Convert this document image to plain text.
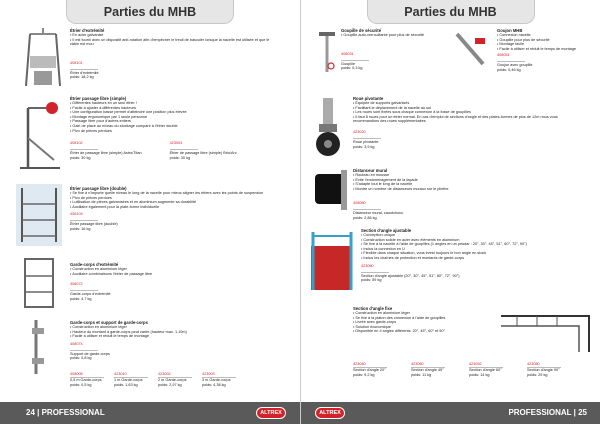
Parties du MHB
Étrier d'extrémité
• En acier galvanisé
• Il est fourni avec un dispositif anti-rotation afin d'empêcher le treuil de basculer lorsque la nacelle est utilisée et que le câble est mou
408101
Étrier d'extrémité
poids: 18,2 kg
Étrier passage libre (simple)
• Différentes hauteurs en un seul étrier !
• Facile à ajuster à différentes hauteurs
• Une configuration basse permet d'atteindre une position plus élevée
• Montage ergonomique par 1 seule personne
• Passage libre pour d'autres entiers
• Gain de place au niveau du stockage comparé à l'étrier double
• Pivo de pièces perdues
408102
Étrier de passage libre (simple) Astro/Titan
poids: 30 kg
423003
Étrier de passage libre (simple) Brio/Arc
poids: 30 kg
Étrier passage libre (double)
• Se fixe à n'importe quelle niveau le long de la nacelle pour mieux aligner les étriers avec les points de suspension
• Pivo de pièces perdues
• Lutilisation de pièces galvanisées et en aluminium augmente sa durabilité
• Auxiliaire également pour la plate-forme individuelle
408103
Étrier passage libre (double)
poids: 16 kg
Garde-corps d'extrémité
• Construction en aluminium léger
• Auxiliaire combinaisons l'étrier de passage libre
408072
Garde-corps d'extrémité
poids: 4,7 kg
Garde-corps et support de garde-corps
• Construction en aluminium léger
• Hauteur du montant à garde-corps peut varier (hauteur max. 1,10m)
• Facile à utiliser et réduit le temps de montage
408074
Support de garde-corps
poids: 0,8 kg
408005
0,5 m Garde-corps
poids: 0,5 kg
423010
1 m Garde-corps
poids: 1,63 kg
423002
2 m Garde-corps
poids: 2,97 kg
423003
3 m Garde-corps
poids: 4,38 kg
24 | PROFESSIONAL	ALTREX
Parties du MHB
Goupille de sécurité
• Goupille auto-verrouillante pour plus de sécurité
408031
Goupille
poids: 0,3 kg
Goujon MHB
• Connexion nacelle
• Goupille pour plus de sécurité
• Montage facile
• Facile à utiliser et réduit le temps de montage
408051
Goujon avec goupille
poids: 0,46 kg
Roue pivotante
• Équipée de supports galvanisés
• Facilitant le déplacement de la nacelle au sol
• Les roues sont fixées sous chaque connexion à la fosse de goupilles
• Il faut 8 roues pour un étrier normal. En cas d'emploi de sections d'angle et des plates-formes de plus de 12m nous vous recommandons des roues supplémentaires
423020
Roue pivotante
poids: 3,9 kg
Distanceur mural
• Rouleau en mousse
• Évite l'endommagement de la façade
• S'adapte tout le long de la nacelle
• Montre un nombre de distanceurs muraux sur le plinthe
408080
Distanceur mural, caoutchouc
poids: 2,86 kg
Section d'angle ajustable
• Conception unique
• Construction solide en acier avec éléments en aluminium
• Se fixe à la nacelle à l'aide de goupilles (1 angles en un peudar : 20°, 30°, 45°, 51°, 60°, 72°, 90°)
• Inclus la connexion en U
• Flexible dans chaque situation, vous évest toujours le bon angle en stock
• Inclus les chaînes de protection et montants de garde-corps
423060
Section d'angle ajustable (20°, 30°, 45°, 51°, 60°, 72°, 90°)
poids: 59 kg
Section d'angle fixe
• Construction en aluminium léger
• Se fixe à la platon des connexion à l'aide de goupilles
• Livrée avec garde-corps
• Solution économique
• Disponible en 4 angles différents: 20°, 45°, 60° et 90°
423040
Section d'angle 20°
poids: 9,2 kg
423060
Section d'angle 45°
poids: 11 kg
423052
Section d'angle 60°
poids: 14 kg
423080
Section d'angle 90°
poids: 29 kg
ALTREX	PROFESSIONAL | 25
